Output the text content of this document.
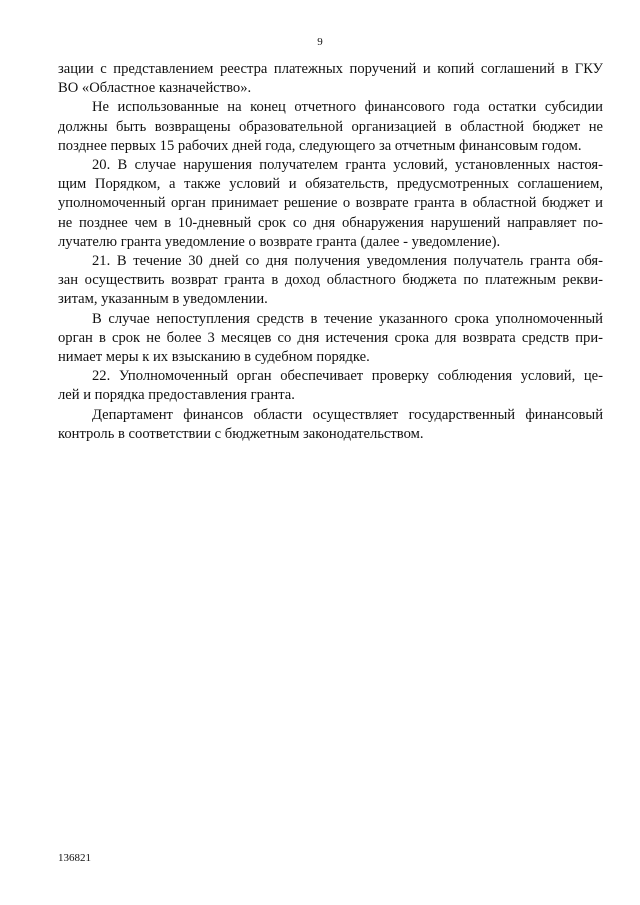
9
зации с представлением реестра платежных поручений и копий соглашений в ГКУ
ВО «Областное казначейство».
Не использованные на конец отчетного финансового года остатки субсидии
должны быть возвращены образовательной организацией в областной бюджет не
позднее первых 15 рабочих дней года, следующего за отчетным финансовым годом.
20. В случае нарушения получателем гранта условий, установленных настоя-
щим Порядком, а также условий и обязательств, предусмотренных соглашением,
уполномоченный орган принимает решение о возврате гранта в областной бюджет и
не позднее чем в 10-дневный срок со дня обнаружения нарушений направляет по-
лучателю гранта уведомление о возврате гранта (далее - уведомление).
21. В течение 30 дней со дня получения уведомления получатель гранта обя-
зан осуществить возврат гранта в доход областного бюджета по платежным рекви-
зитам, указанным в уведомлении.
В случае непоступления средств в течение указанного срока уполномоченный
орган в срок не более 3 месяцев со дня истечения срока для возврата средств при-
нимает меры к их взысканию в судебном порядке.
22. Уполномоченный орган обеспечивает проверку соблюдения условий, це-
лей и порядка предоставления гранта.
Департамент финансов области осуществляет государственный финансовый
контроль в соответствии с бюджетным законодательством.
136821
